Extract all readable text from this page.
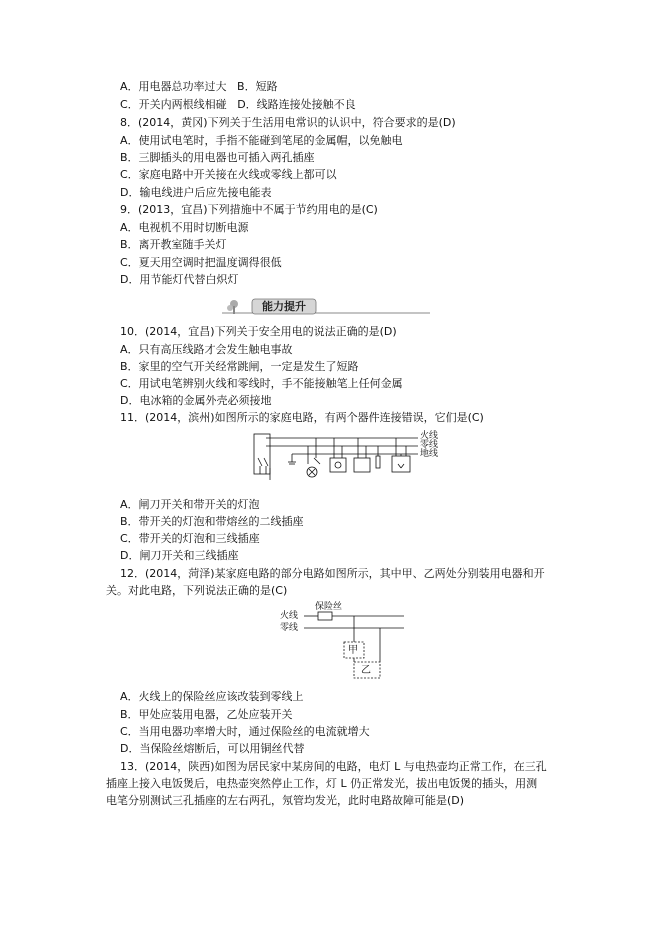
A．用电器总功率过大 B．短路
C．开关内两根线相碰 D．线路连接处接触不良
8．(2014，黄冈)下列关于生活用电常识的认识中，符合要求的是(D)
A．使用试电笔时，手指不能碰到笔尾的金属帽，以免触电
B．三脚插头的用电器也可插入两孔插座
C．家庭电路中开关接在火线或零线上都可以
D．输电线进户后应先接电能表
9．(2013，宜昌)下列措施中不属于节约用电的是(C)
A．电视机不用时切断电源
B．离开教室随手关灯
C．夏天用空调时把温度调得很低
D．用节能灯代替白炽灯
能力提升
10．(2014，宜昌)下列关于安全用电的说法正确的是(D)
A．只有高压线路才会发生触电事故
B．家里的空气开关经常跳闸，一定是发生了短路
C．用试电笔辨别火线和零线时，手不能接触笔上任何金属
D．电冰箱的金属外壳必须接地
11．(2014，滨州)如图所示的家庭电路，有两个器件连接错误，它们是(C)
火线
零线
地线
A．闸刀开关和带开关的灯泡
B．带开关的灯泡和带熔丝的二线插座
C．带开关的灯泡和三线插座
D．闸刀开关和三线插座
12．(2014，菏泽)某家庭电路的部分电路如图所示，其中甲、乙两处分别装用电器和开
关。对此电路，下列说法正确的是(C)
保险丝
火线
零线
甲
乙
A．火线上的保险丝应该改装到零线上
B．甲处应装用电器，乙处应装开关
C．当用电器功率增大时，通过保险丝的电流就增大
D．当保险丝熔断后，可以用铜丝代替
13．(2014，陕西)如图为居民家中某房间的电路，电灯 L 与电热壶均正常工作，在三孔
插座上接入电饭煲后，电热壶突然停止工作，灯 L 仍正常发光，拔出电饭煲的插头，用测
电笔分别测试三孔插座的左右两孔，氖管均发光，此时电路故障可能是(D)
